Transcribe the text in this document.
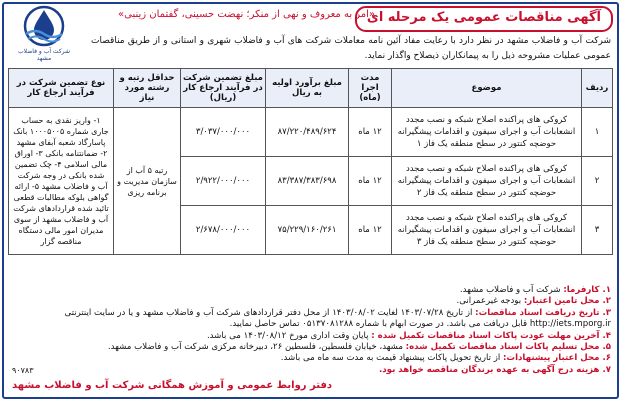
آگهی مناقصات عمومی یک مرحله ای
«امر به معروف و نهی از منکر؛ نهضت حسینی، گفتمان زینبی»
شرکت آب و فاضلاب مشهد
شرکت آب و فاضلاب مشهد در نظر دارد با رعایت مفاد آئین نامه معاملات شرکت های آب و فاضلاب شهری و استانی و از طریق مناقصات عمومی عملیات مشروحه ذیل را به پیمانکاران ذیصلاح واگذار نماید.
ردیف	موضوع	مدت اجرا (ماه)	مبلغ برآورد اولیه به ریال	مبلغ تضمین شرکت در فرآیند ارجاع کار (ریال)	حداقل رتبه و رشته مورد نیاز	نوع تضمین شرکت در فرآیند ارجاع کار
۱	کروکی های پراکنده اصلاح شبکه و نصب مجدد انشعابات آب و اجرای سیفون و اقدامات پیشگیرانه حوضچه کنتور در سطح منطقه یک فاز ۱	۱۲ ماه	۸۷/۲۲۰/۴۸۹/۶۲۴	۳/۰۳۷/۰۰۰/۰۰۰	رتبه ۵ آب از سازمان مدیریت و برنامه ریزی	۱- واریز نقدی به حساب جاری شماره ۱۰۰۰۵۰۰۵ بانک پاسارگاد شعبه آبفای مشهد ۲- ضمانتنامه بانکی ۳- اوراق مالی اسلامی ۴- چک تضمین شده بانکی در وجه شرکت آب و فاضلاب مشهد ۵- ارائه گواهی بلوکه مطالبات قطعی تائید شده قراردادهای شرکت آب و فاضلاب مشهد از سوی مدیران امور مالی دستگاه مناقصه گزار
۲	کروکی های پراکنده اصلاح شبکه و نصب مجدد انشعابات آب و اجرای سیفون و اقدامات پیشگیرانه حوضچه کنتور در سطح منطقه یک فاز ۲	۱۲ ماه	۸۳/۳۸۷/۳۸۳/۶۹۸	۲/۹۲۲/۰۰۰/۰۰۰		
۳	کروکی های پراکنده اصلاح شبکه و نصب مجدد انشعابات آب و اجرای سیفون و اقدامات پیشگیرانه حوضچه کنتور در سطح منطقه یک فاز ۳	۱۲ ماه	۷۵/۲۲۹/۱۶۰/۲۶۱	۲/۶۷۸/۰۰۰/۰۰۰		

۱. کارفرما: شرکت آب و فاضلاب مشهد.

۲. محل تامین اعتبار: بودجه غیرعمرانی.

۳. تاریخ دریافت اسناد مناقصات: از تاریخ ۱۴۰۳/۰۷/۲۸ لغایت ۱۴۰۳/۰۸/۰۲ از محل دفتر قراردادهای شرکت آب و فاضلاب مشهد و یا در سایت اینترنتی

http://iets.mporg.ir قابل دریافت می باشد. در صورت ابهام با شماره ۰۵۱۳۷۰۸۱۲۸۸ تماس حاصل نمایید.

۴. آخرین مهلت عودت پاکات اسناد مناقصات تکمیل شده : پایان وقت اداری مورخ ۱۴۰۳/۰۸/۱۲ می باشد.

۵. محل تسلیم پاکات اسناد مناقصات تکمیل شده: مشهد، خیابان فلسطین، فلسطین ۲۶، دبیرخانه مرکزی شرکت آب و فاضلاب مشهد.

۶. محل اعتبار پیشنهادات: از تاریخ تحویل پاکات پیشنهاد قیمت به مدت سه ماه می باشد.

۷. هزینه درج آگهی به عهده برندگان مناقصه خواهد بود.

۹۰۷۸۳
دفتر روابط عمومی و آموزش همگانی شرکت آب و فاضلاب مشهد
